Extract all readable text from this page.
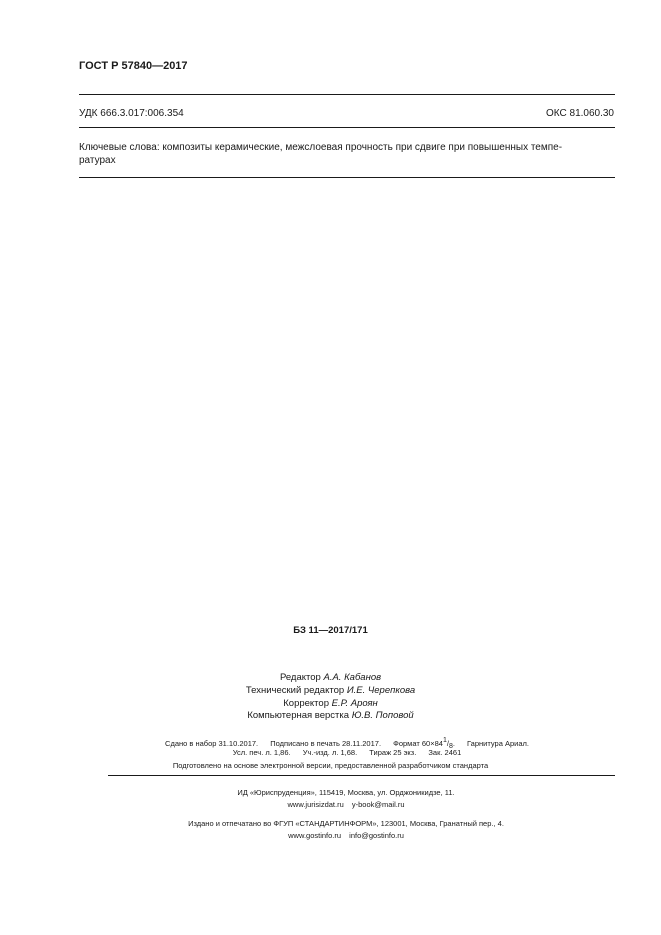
ГОСТ Р 57840—2017
УДК 666.3.017:006.354	ОКС 81.060.30
Ключевые слова: композиты керамические, межслоевая прочность при сдвиге при повышенных темпе-
ратурах
БЗ 11—2017/171
Редактор А.А. Кабанов
Технический редактор И.Е. Черепкова
Корректор Е.Р. Ароян
Компьютерная верстка Ю.В. Поповой
Сдано в набор 31.10.2017. Подписано в печать 28.11.2017. Формат 60×841/8. Гарнитура Ариал.
Усл. печ. л. 1,86. Уч.-изд. л. 1,68. Тираж 25 экз. Зак. 2461
Подготовлено на основе электронной версии, предоставленной разработчиком стандарта
ИД «Юриспруденция», 115419, Москва, ул. Орджоникидзе, 11.
www.jurisizdat.ru y-book@mail.ru
Издано и отпечатано во ФГУП «СТАНДАРТИНФОРМ», 123001, Москва, Гранатный пер., 4.
www.gostinfo.ru info@gostinfo.ru
